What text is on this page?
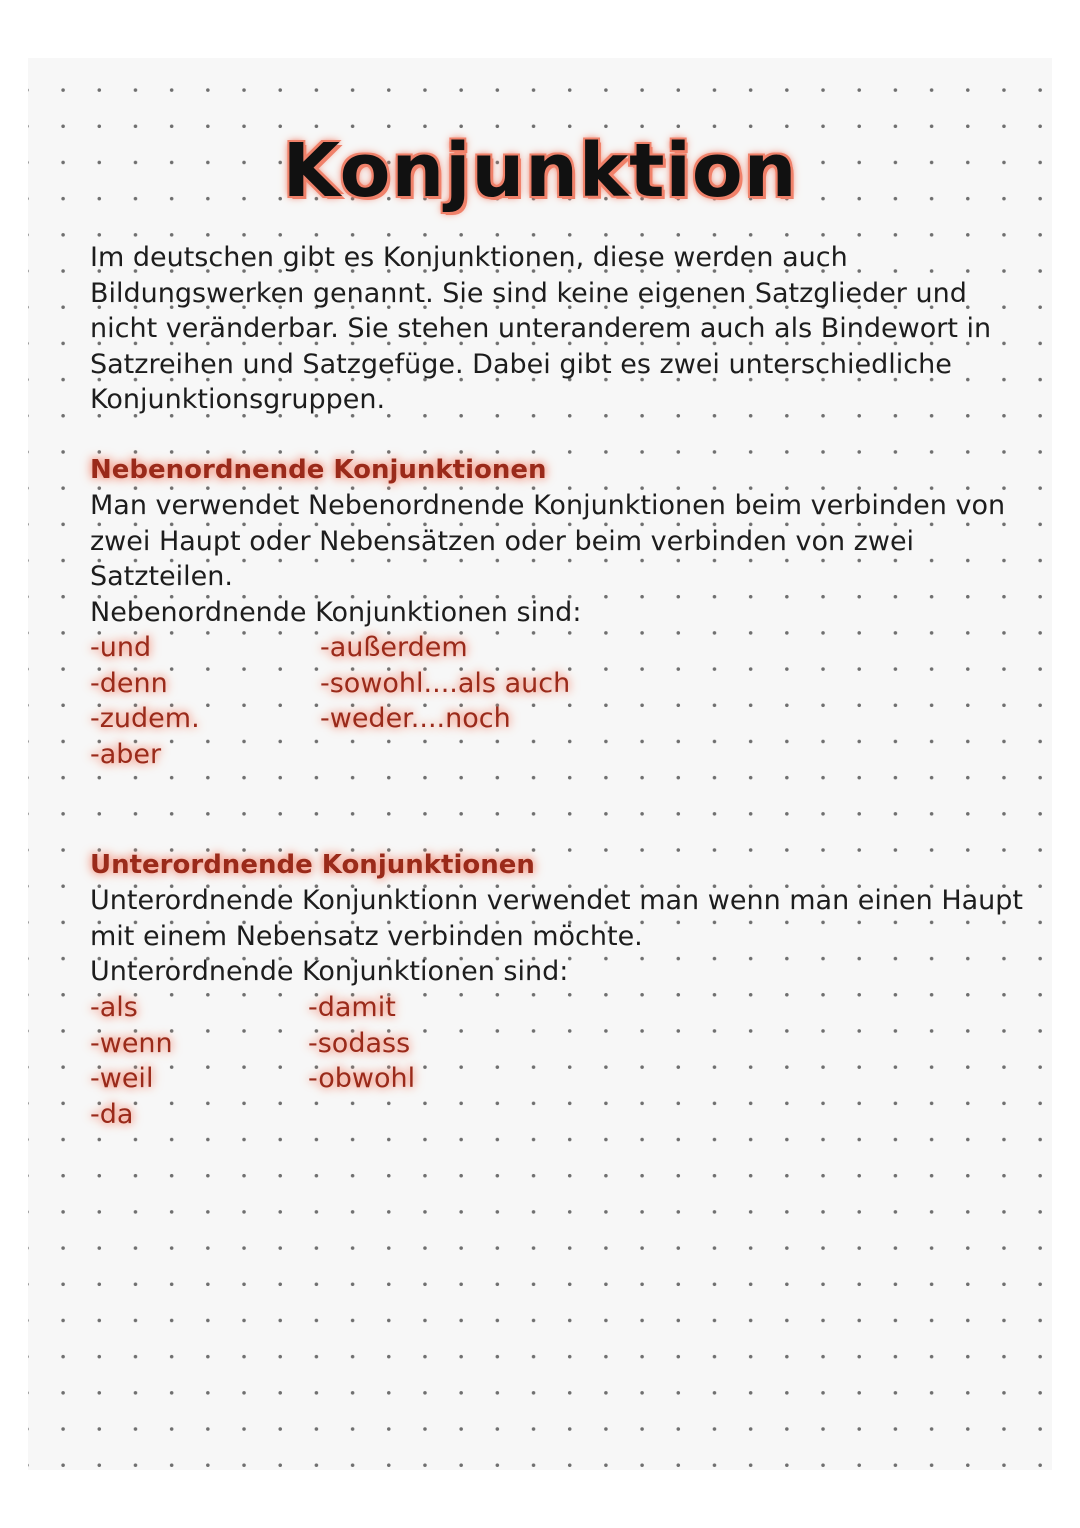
Konjunktion

Im deutschen gibt es Konjunktionen, diese werden auch Bildungswerken genannt. Sie sind keine eigenen Satzglieder und nicht veränderbar. Sie stehen unteranderem auch als Bindewort in Satzreihen und Satzgefüge. Dabei gibt es zwei unterschiedliche Konjunktionsgruppen.

Nebenordnende Konjunktionen
Man verwendet Nebenordnende Konjunktionen beim verbinden von zwei Haupt oder Nebensätzen oder beim verbinden von zwei Satzteilen.
Nebenordnende Konjunktionen sind:
-und
-denn
-zudem.
-aber
-außerdem
-sowohl....als auch
-weder....noch
Unterordnende Konjunktionen
Unterordnende Konjunktionn verwendet man wenn man einen Haupt mit einem Nebensatz verbinden möchte.
Unterordnende Konjunktionen sind:
-als
-wenn
-weil
-da
-damit
-sodass
-obwohl
